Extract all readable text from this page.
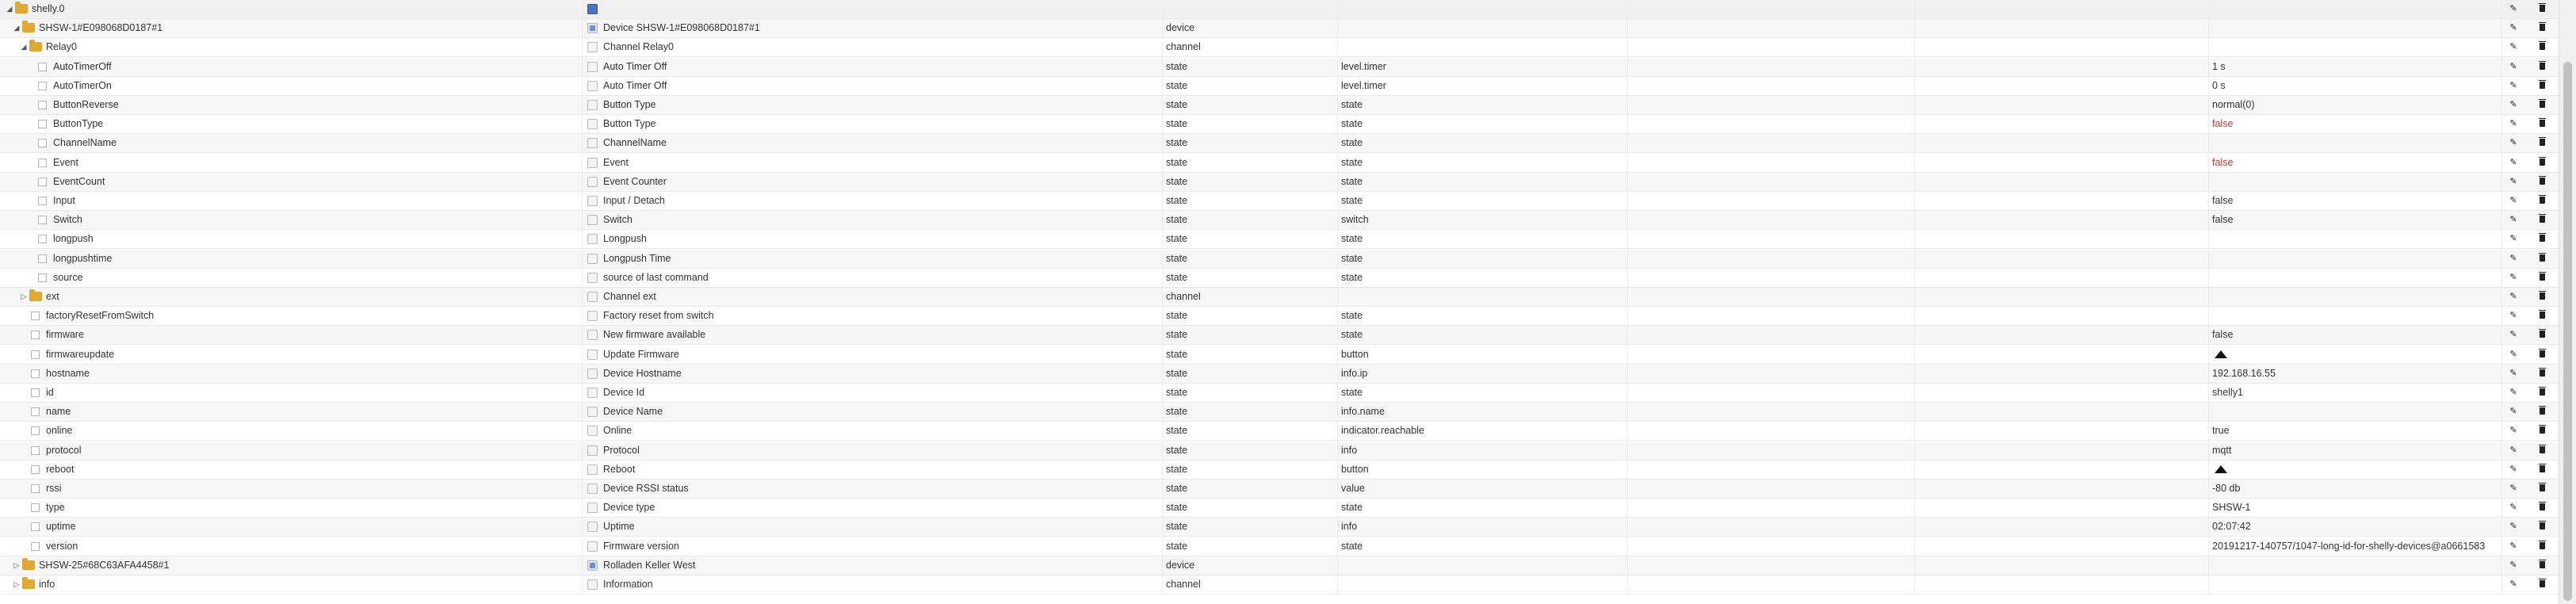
◢ shelly.0	✎
◢ SHSW-1#E098068D0187#1	Device SHSW-1#E098068D0187#1	device	✎
◢ Relay0	Channel Relay0	channel	✎
AutoTimerOff	Auto Timer Off	state	level.timer	1 s	✎
AutoTimerOn	Auto Timer Off	state	level.timer	0 s	✎
ButtonReverse	Button Type	state	state	normal(0)	✎
ButtonType	Button Type	state	state	false	✎
ChannelName	ChannelName	state	state	✎
Event	Event	state	state	false	✎
EventCount	Event Counter	state	state	✎
Input	Input / Detach	state	state	false	✎
Switch	Switch	state	switch	false	✎
longpush	Longpush	state	state	✎
longpushtime	Longpush Time	state	state	✎
source	source of last command	state	state	✎
▷ ext	Channel ext	channel	✎
factoryResetFromSwitch	Factory reset from switch	state	state	✎
firmware	New firmware available	state	state	false	✎
firmwareupdate	Update Firmware	state	button	✎
hostname	Device Hostname	state	info.ip	192.168.16.55	✎
id	Device Id	state	state	shelly1	✎
name	Device Name	state	info.name	✎
online	Online	state	indicator.reachable	true	✎
protocol	Protocol	state	info	mqtt	✎
reboot	Reboot	state	button	✎
rssi	Device RSSI status	state	value	-80 db	✎
type	Device type	state	state	SHSW-1	✎
uptime	Uptime	state	info	02:07:42	✎
version	Firmware version	state	state	20191217-140757/1047-long-id-for-shelly-devices@a0661583	✎
▷ SHSW-25#68C63AFA4458#1	Rolladen Keller West	device	✎
▷ info	Information	channel	✎
